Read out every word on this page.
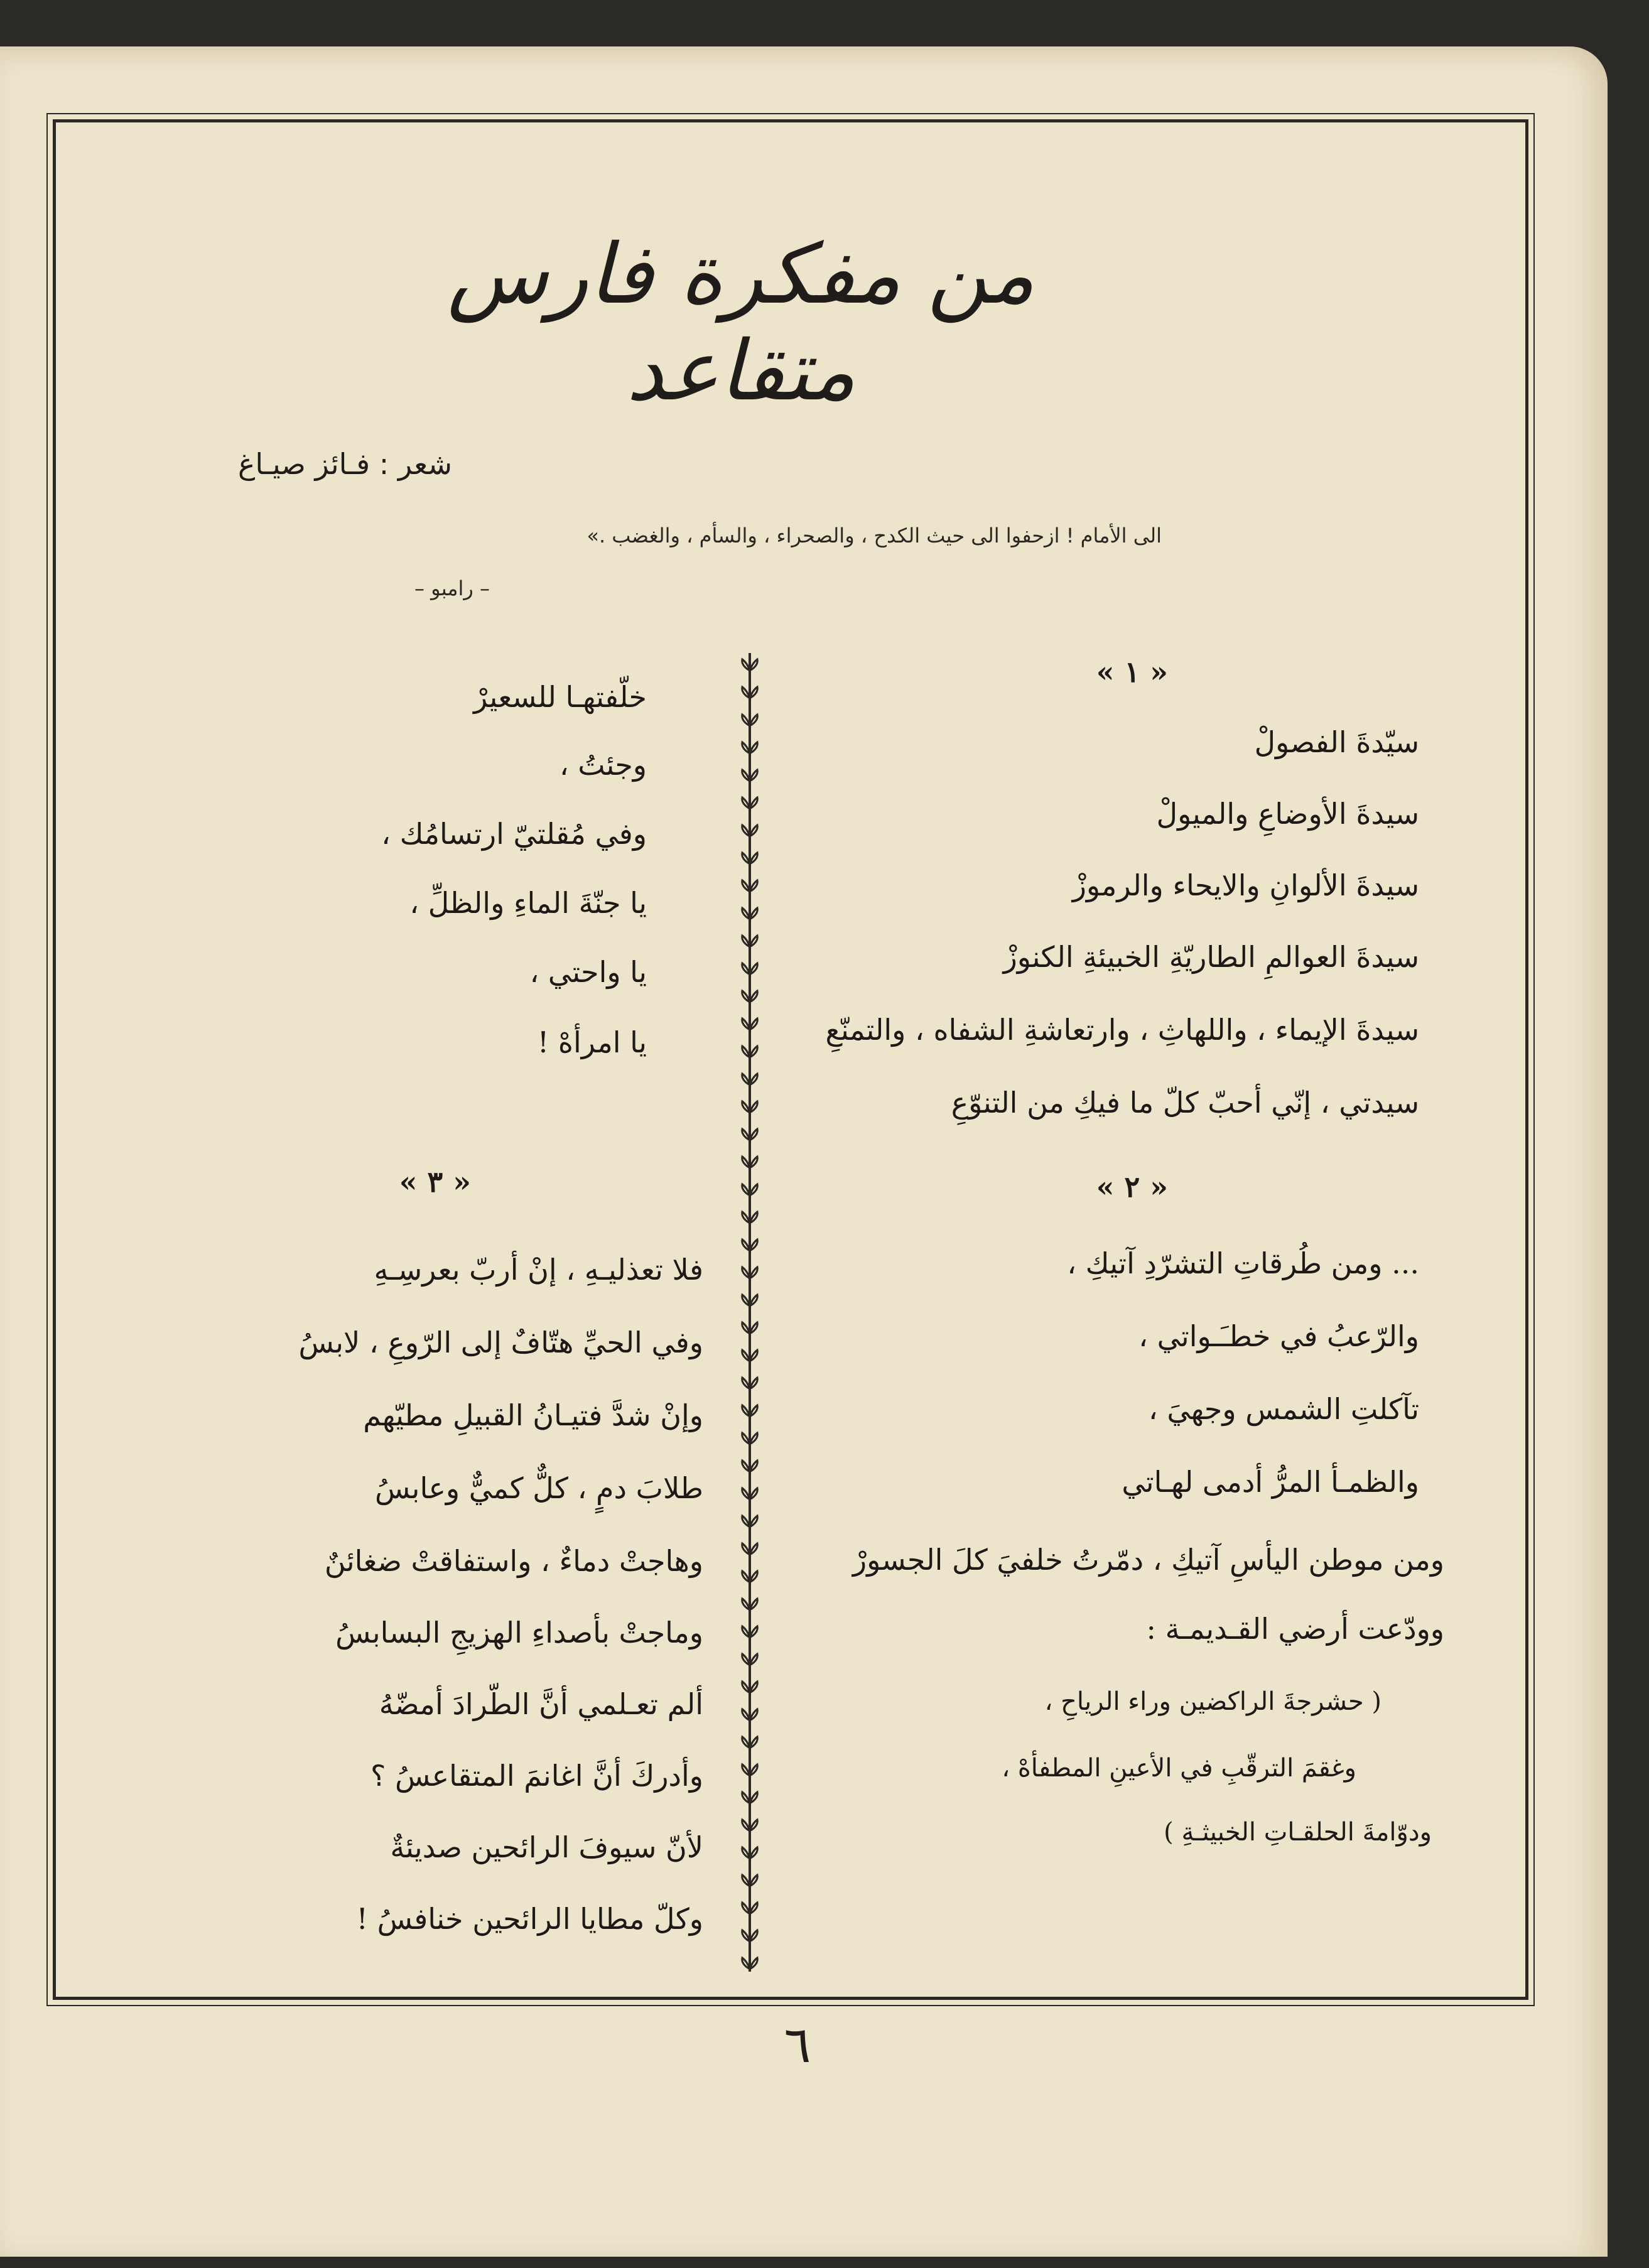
من مفكرة فارس متقاعد
شعر : فـائز صيـاغ
الى الأمام ! ازحفوا الى حيث الكدح ، والصحراء ، والسأم ، والغضب .»
– رامبو –
« ١ »
سيّدةَ الفصولْ
سيدةَ الأوضاعِ والميولْ
سيدةَ الألوانِ والايحاء والرموزْ
سيدةَ العوالمِ الطاريّةِ الخبيئةِ الكنوزْ
سيدةَ الإيماء ، واللهاثِ ، وارتعاشةِ الشفاه ، والتمنّعِ
سيدتي ، إنّي أحبّ كلّ ما فيكِ من التنوّعِ
« ٢ »
... ومن طُرقاتِ التشرّدِ آتيكِ ،
والرّعبُ في خطـَـواتي ،
تآكلتِ الشمس وجهيَ ،
والظمـأ المرُّ أدمى لهـاتي
ومن موطن اليأسِ آتيكِ ، دمّرتُ خلفيَ كلَ الجسورْ
وودّعت أرضي القـديمـة :
( حشرجةَ الراكضين وراء الرياحِ ،
وغقمَ الترقّبِ في الأعينِ المطفأهْ ،
ودوّامةَ الحلقـاتِ الخبيثـةِ )
خلّفتهـا للسعيرْ
وجئتُ ،
وفي مُقلتيّ ارتسامُك ،
يا جنّةَ الماءِ والظلِّ ،
يا واحتي ،
يا امرأهْ !
« ٣ »
فلا تعذليـهِ ، إنْ أربّ بعرسِـهِ
وفي الحيِّ هتّافٌ إلى الرّوعِ ، لابسُ
وإنْ شدَّ فتيـانُ القبيلِ مطيّهم
طلابَ دمٍ ، كلٌّ كميٌّ وعابسُ
وهاجتْ دماءٌ ، واستفاقتْ ضغائنٌ
وماجتْ بأصداءِ الهزيجِ البسابسُ
ألم تعـلمي أنَّ الطّرادَ أمضّهُ
وأدركَ أنَّ اغانمَ المتقاعسُ ؟
لأنّ سيوفَ الرائحين صديئةٌ
وكلّ مطايا الرائحين خنافسُ !
٦
